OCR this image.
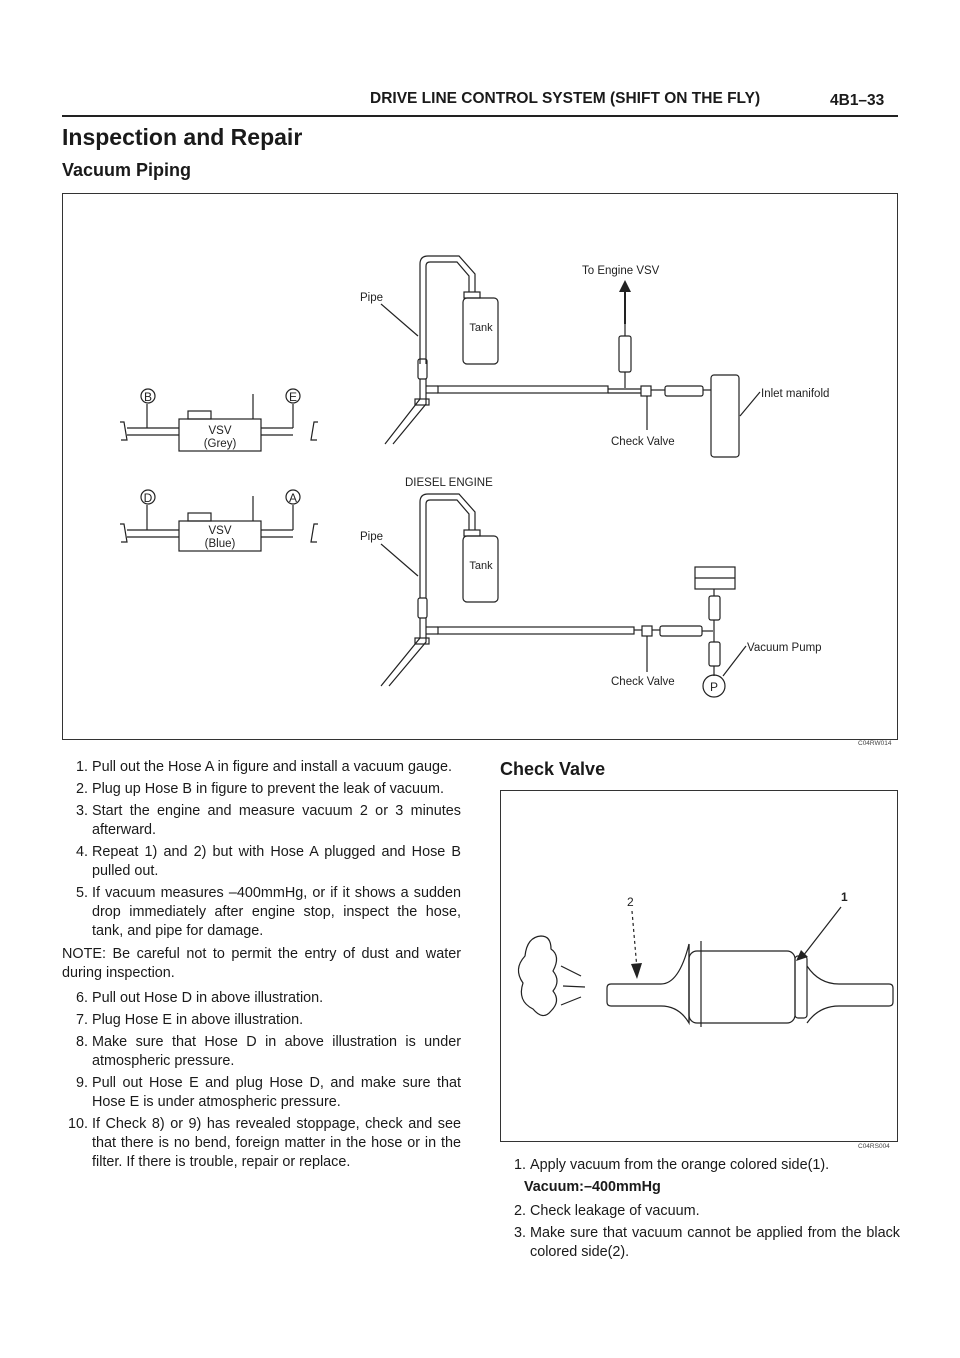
DRIVE LINE CONTROL SYSTEM (SHIFT ON THE FLY)	4B1–33
Inspection and Repair
Vacuum Piping
B	E
VSV
(Grey)
D	A
VSV
(Blue)
Tank
Pipe
To Engine VSV
Inlet manifold
Check Valve
DIESEL ENGINE
Tank
Pipe
P
Vacuum Pump
Check Valve
C04RW014
1. Pull out the Hose A in figure and install a vacuum gauge.
2. Plug up Hose B in figure to prevent the leak of vacuum.
3. Start the engine and measure vacuum 2 or 3 minutes afterward.
4. Repeat 1) and 2) but with Hose A plugged and Hose B pulled out.
5. If vacuum measures –400mmHg, or if it shows a sudden drop immediately after engine stop, inspect the hose, tank, and pipe for damage.
NOTE: Be careful not to permit the entry of dust and water during inspection.
6. Pull out Hose D in above illustration.
7. Plug Hose E in above illustration.
8. Make sure that Hose D in above illustration is under atmospheric pressure.
9. Pull out Hose E and plug Hose D, and make sure that Hose E is under atmospheric pressure.
10. If Check 8) or 9) has revealed stoppage, check and see that there is no bend, foreign matter in the hose or in the filter. If there is trouble, repair or replace.
Check Valve
2	1
C04RS004
1. Apply vacuum from the orange colored side(1).
Vacuum:–400mmHg
2. Check leakage of vacuum.
3. Make sure that vacuum cannot be applied from the black colored side(2).
